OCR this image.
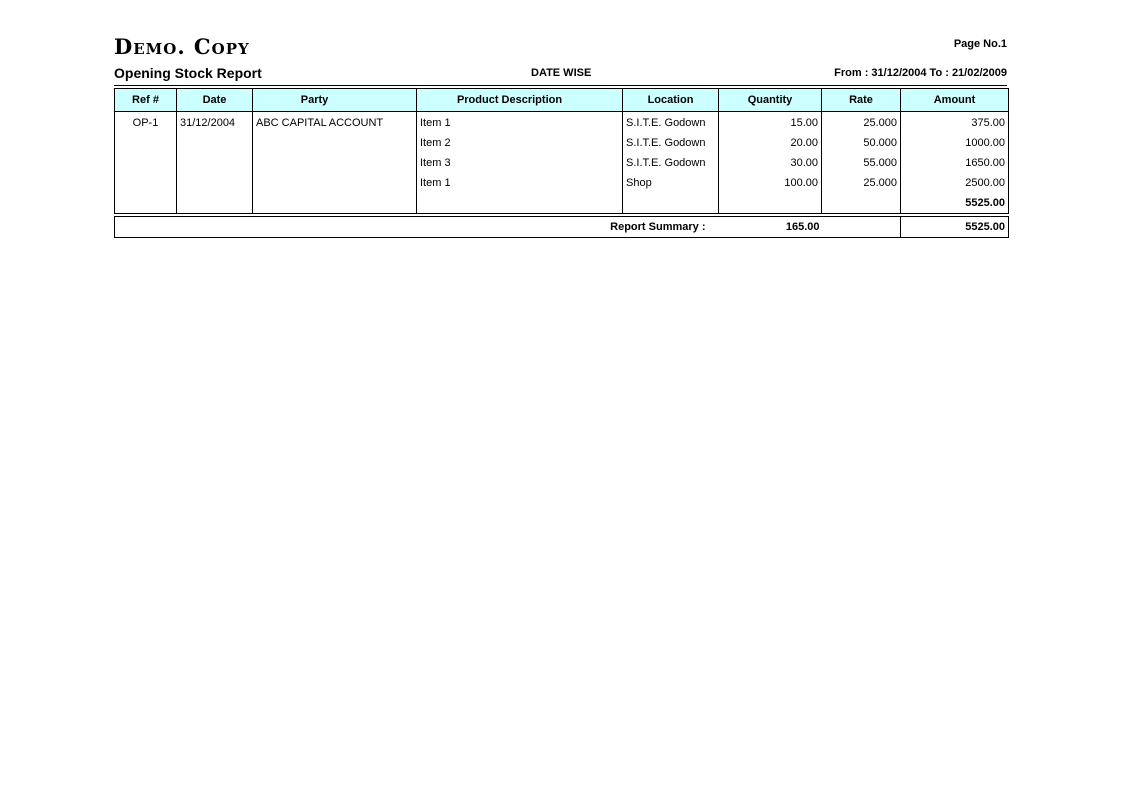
Demo. Copy	Page No.1
Opening Stock Report	DATE WISE	From : 31/12/2004 To : 21/02/2009
Ref #	Date	Party	Product Description	Location	Quantity	Rate	Amount
OP-1	31/12/2004	ABC CAPITAL ACCOUNT	Item 1	S.I.T.E. Godown	15.00	25.000	375.00
			Item 2	S.I.T.E. Godown	20.00	50.000	1000.00
			Item 3	S.I.T.E. Godown	30.00	55.000	1650.00
			Item 1	Shop	100.00	25.000	2500.00
							5525.00
Report Summary :	165.00		5525.00
